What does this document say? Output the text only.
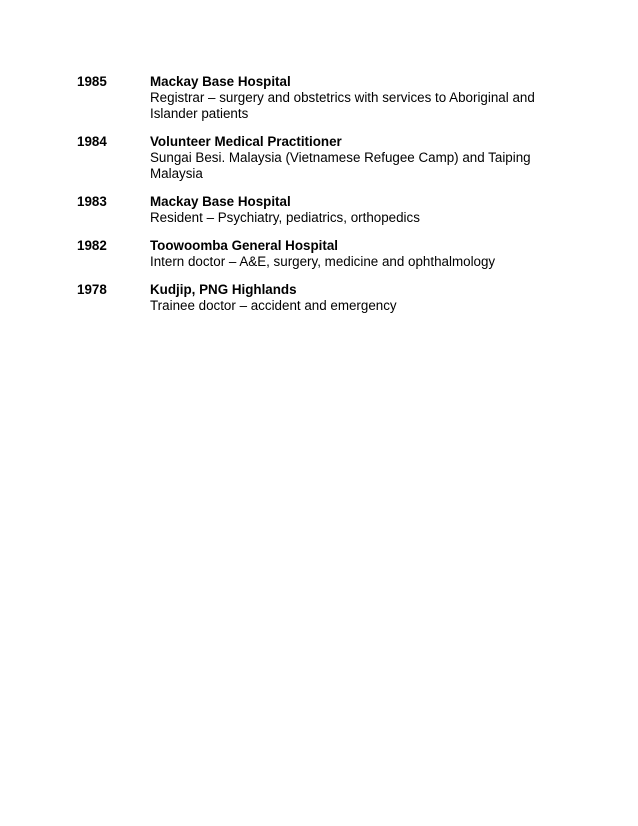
1985	Mackay Base Hospital
Registrar – surgery and obstetrics with services to Aboriginal and Islander patients
1984	Volunteer Medical Practitioner
Sungai Besi. Malaysia (Vietnamese Refugee Camp) and Taiping Malaysia
1983	Mackay Base Hospital
Resident – Psychiatry, pediatrics, orthopedics
1982	Toowoomba General Hospital
Intern doctor – A&E, surgery, medicine and ophthalmology
1978	Kudjip, PNG Highlands
Trainee doctor – accident and emergency
